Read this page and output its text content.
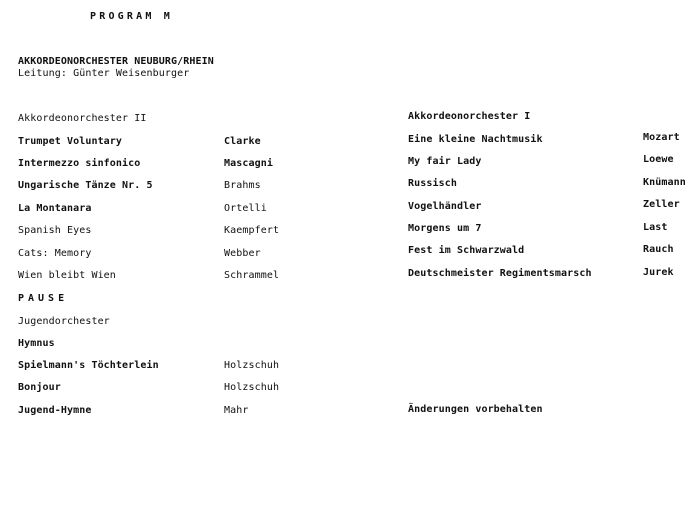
PROGRAM M
AKKORDEONORCHESTER NEUBURG/RHEIN
Leitung: Günter Weisenburger
Akkordeonorchester II
Trumpet Voluntary	Clarke
Intermezzo sinfonico	Mascagni
Ungarische Tänze Nr. 5	Brahms
La Montanara	Ortelli
Spanish Eyes	Kaempfert
Cats: Memory	Webber
Wien bleibt Wien	Schrammel
PAUSE
Jugendorchester
Hymnus
Spielmann's Töchterlein	Holzschuh
Bonjour	Holzschuh
Jugend-Hymne	Mahr
Akkordeonorchester I
Eine kleine Nachtmusik	Mozart
My fair Lady	Loewe
Russisch	Knümann
Vogelhändler	Zeller
Morgens um 7	Last
Fest im Schwarzwald	Rauch
Deutschmeister Regimentsmarsch	Jurek
Änderungen vorbehalten
